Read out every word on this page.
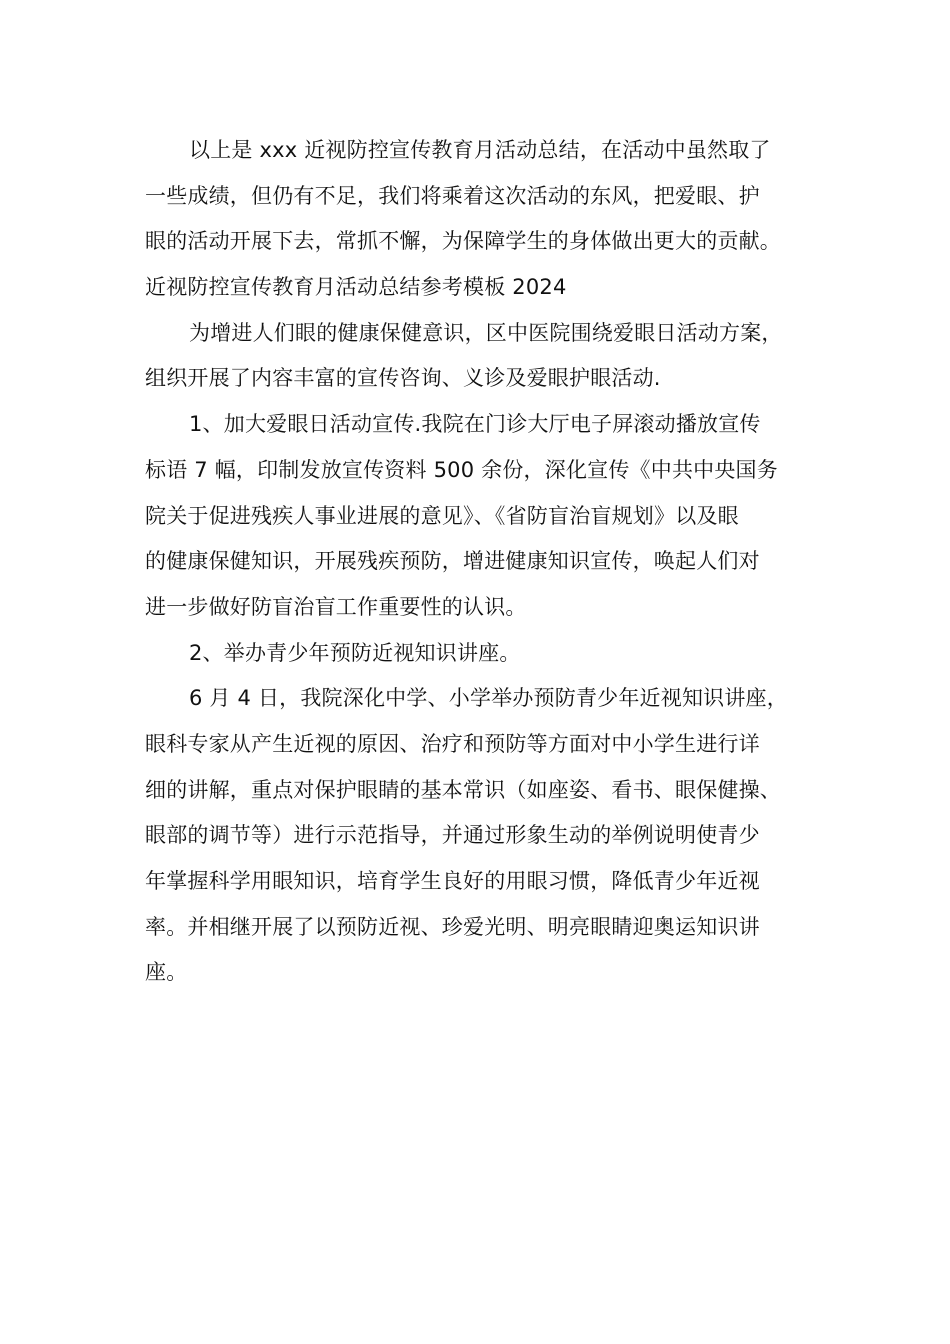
以上是 xxx 近视防控宣传教育月活动总结，在活动中虽然取了
一些成绩，但仍有不足，我们将乘着这次活动的东风，把爱眼、护
眼的活动开展下去，常抓不懈，为保障学生的身体做出更大的贡献。
近视防控宣传教育月活动总结参考模板 2024
为增进人们眼的健康保健意识，区中医院围绕爱眼日活动方案，
组织开展了内容丰富的宣传咨询、义诊及爱眼护眼活动.
1、加大爱眼日活动宣传.我院在门诊大厅电子屏滚动播放宣传
标语 7 幅，印制发放宣传资料 500 余份，深化宣传《中共中央国务
院关于促进残疾人事业进展的意见》、《省防盲治盲规划》以及眼
的健康保健知识，开展残疾预防，增进健康知识宣传，唤起人们对
进一步做好防盲治盲工作重要性的认识。
2、举办青少年预防近视知识讲座。
6 月 4 日，我院深化中学、小学举办预防青少年近视知识讲座，
眼科专家从产生近视的原因、治疗和预防等方面对中小学生进行详
细的讲解，重点对保护眼睛的基本常识（如座姿、看书、眼保健操、
眼部的调节等）进行示范指导，并通过形象生动的举例说明使青少
年掌握科学用眼知识，培育学生良好的用眼习惯，降低青少年近视
率。并相继开展了以预防近视、珍爱光明、明亮眼睛迎奥运知识讲
座。
